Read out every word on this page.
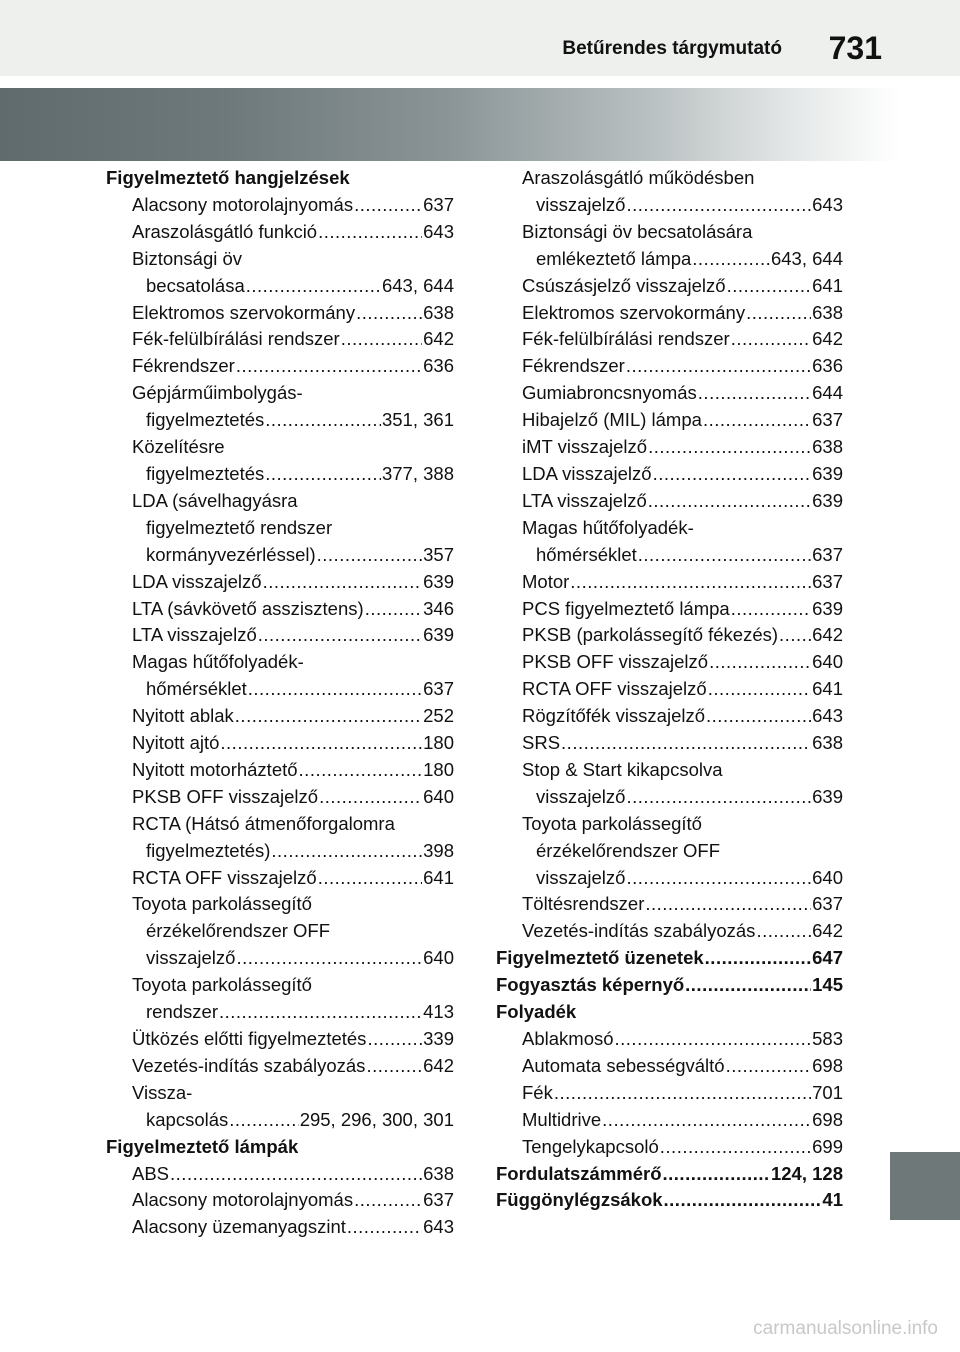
Betűrendes tárgymutató 731
Figyelmeztető hangjelzések
Alacsony motorolajnyomás .....	637
Araszolásgátló funkció .....	643
Biztonsági öv
becsatolása .....	643, 644
Elektromos szervokormány .....	638
Fék-felülbírálási rendszer .....	642
Fékrendszer .....	636
Gépjárműimbolygás-
figyelmeztetés .....	351, 361
Közelítésre
figyelmeztetés .....	377, 388
LDA (sávelhagyásra
figyelmeztető rendszer
kormányvezérléssel) .....	357
LDA visszajelző .....	639
LTA (sávkövető asszisztens) .....	346
LTA visszajelző .....	639
Magas hűtőfolyadék-
hőmérséklet .....	637
Nyitott ablak .....	252
Nyitott ajtó .....	180
Nyitott motorháztető .....	180
PKSB OFF visszajelző .....	640
RCTA (Hátsó átmenőforgalomra
figyelmeztetés) .....	398
RCTA OFF visszajelző .....	641
Toyota parkolássegítő
érzékelőrendszer OFF
visszajelző .....	640
Toyota parkolássegítő
rendszer .....	413
Ütközés előtti figyelmeztetés .....	339
Vezetés-indítás szabályozás .....	642
Vissza-
kapcsolás .....	295, 296, 300, 301
Figyelmeztető lámpák
ABS .....	638
Alacsony motorolajnyomás .....	637
Alacsony üzemanyagszint .....	643
Araszolásgátló működésben
visszajelző .....	643
Biztonsági öv becsatolására
emlékeztető lámpa .....	643, 644
Csúszásjelző visszajelző .....	641
Elektromos szervokormány .....	638
Fék-felülbírálási rendszer .....	642
Fékrendszer .....	636
Gumiabroncsnyomás .....	644
Hibajelző (MIL) lámpa .....	637
iMT visszajelző .....	638
LDA visszajelző .....	639
LTA visszajelző .....	639
Magas hűtőfolyadék-
hőmérséklet .....	637
Motor .....	637
PCS figyelmeztető lámpa .....	639
PKSB (parkolássegítő fékezés) ..... 642
PKSB OFF visszajelző .....	640
RCTA OFF visszajelző .....	641
Rögzítőfék visszajelző .....	643
SRS .....	638
Stop & Start kikapcsolva
visszajelző .....	639
Toyota parkolássegítő
érzékelőrendszer OFF
visszajelző .....	640
Töltésrendszer .....	637
Vezetés-indítás szabályozás .....	642
Figyelmeztető üzenetek .....	647
Fogyasztás képernyő .....	145
Folyadék
Ablakmosó .....	583
Automata sebességváltó .....	698
Fék .....	701
Multidrive .....	698
Tengelykapcsoló .....	699
Fordulatszámmérő .....	124, 128
Függönylégzsákok .....	41
carmanualsonline.info
